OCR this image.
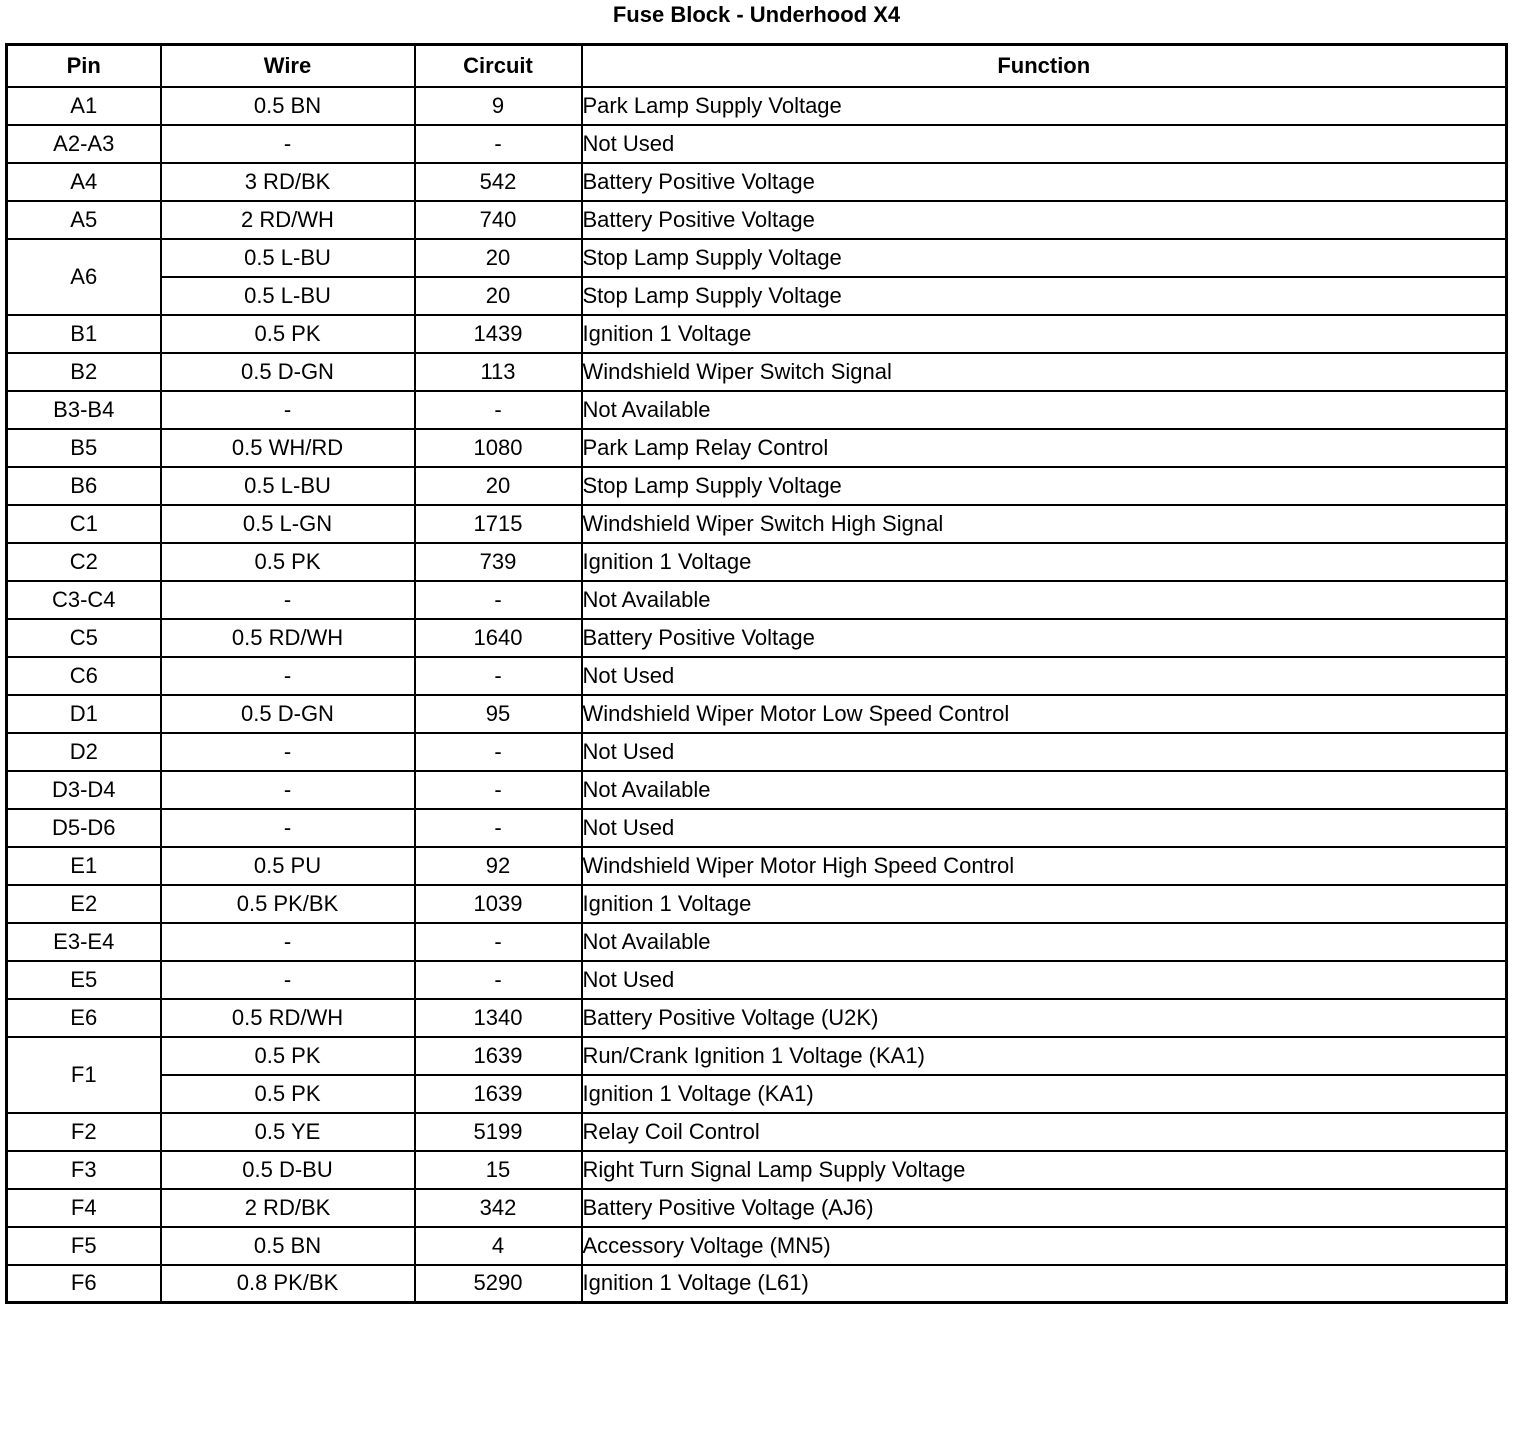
Fuse Block - Underhood X4
Pin	Wire	Circuit	Function
A1	0.5 BN	9	Park Lamp Supply Voltage
A2-A3	-	-	Not Used
A4	3 RD/BK	542	Battery Positive Voltage
A5	2 RD/WH	740	Battery Positive Voltage
A6	0.5 L-BU	20	Stop Lamp Supply Voltage
	0.5 L-BU	20	Stop Lamp Supply Voltage
B1	0.5 PK	1439	Ignition 1 Voltage
B2	0.5 D-GN	113	Windshield Wiper Switch Signal
B3-B4	-	-	Not Available
B5	0.5 WH/RD	1080	Park Lamp Relay Control
B6	0.5 L-BU	20	Stop Lamp Supply Voltage
C1	0.5 L-GN	1715	Windshield Wiper Switch High Signal
C2	0.5 PK	739	Ignition 1 Voltage
C3-C4	-	-	Not Available
C5	0.5 RD/WH	1640	Battery Positive Voltage
C6	-	-	Not Used
D1	0.5 D-GN	95	Windshield Wiper Motor Low Speed Control
D2	-	-	Not Used
D3-D4	-	-	Not Available
D5-D6	-	-	Not Used
E1	0.5 PU	92	Windshield Wiper Motor High Speed Control
E2	0.5 PK/BK	1039	Ignition 1 Voltage
E3-E4	-	-	Not Available
E5	-	-	Not Used
E6	0.5 RD/WH	1340	Battery Positive Voltage (U2K)
F1	0.5 PK	1639	Run/Crank Ignition 1 Voltage (KA1)
	0.5 PK	1639	Ignition 1 Voltage (KA1)
F2	0.5 YE	5199	Relay Coil Control
F3	0.5 D-BU	15	Right Turn Signal Lamp Supply Voltage
F4	2 RD/BK	342	Battery Positive Voltage (AJ6)
F5	0.5 BN	4	Accessory Voltage (MN5)
F6	0.8 PK/BK	5290	Ignition 1 Voltage (L61)
